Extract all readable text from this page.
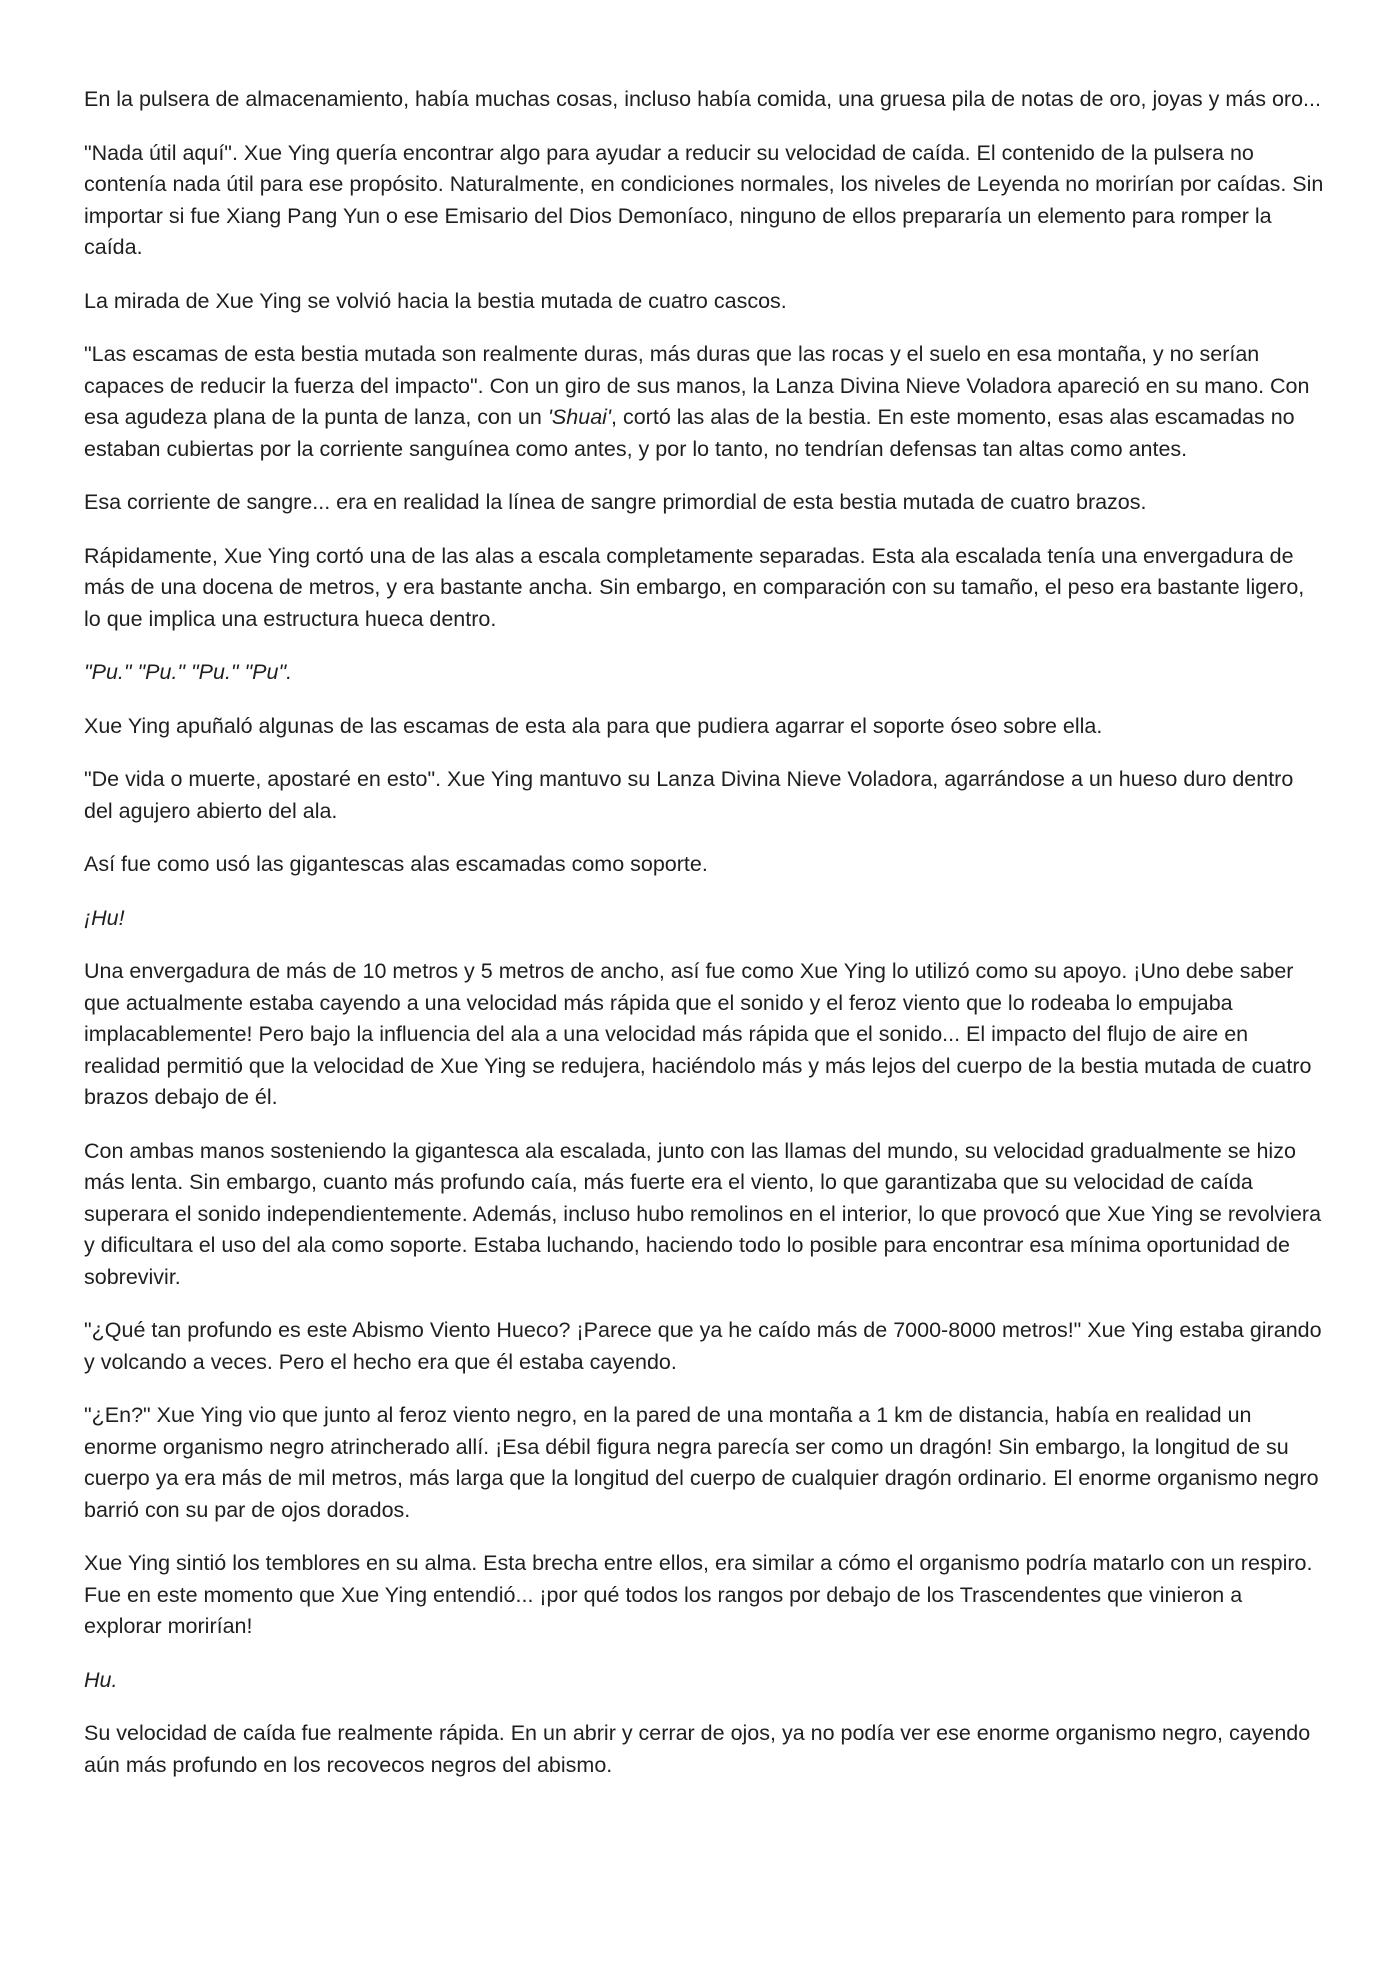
En la pulsera de almacenamiento, había muchas cosas, incluso había comida, una gruesa pila de notas de oro, joyas y más oro...

"Nada útil aquí". Xue Ying quería encontrar algo para ayudar a reducir su velocidad de caída. El contenido de la pulsera no contenía nada útil para ese propósito. Naturalmente, en condiciones normales, los niveles de Leyenda no morirían por caídas. Sin importar si fue Xiang Pang Yun o ese Emisario del Dios Demoníaco, ninguno de ellos prepararía un elemento para romper la caída.

La mirada de Xue Ying se volvió hacia la bestia mutada de cuatro cascos.

"Las escamas de esta bestia mutada son realmente duras, más duras que las rocas y el suelo en esa montaña, y no serían capaces de reducir la fuerza del impacto". Con un giro de sus manos, la Lanza Divina Nieve Voladora apareció en su mano. Con esa agudeza plana de la punta de lanza, con un 'Shuai', cortó las alas de la bestia. En este momento, esas alas escamadas no estaban cubiertas por la corriente sanguínea como antes, y por lo tanto, no tendrían defensas tan altas como antes.

Esa corriente de sangre... era en realidad la línea de sangre primordial de esta bestia mutada de cuatro brazos.

Rápidamente, Xue Ying cortó una de las alas a escala completamente separadas. Esta ala escalada tenía una envergadura de más de una docena de metros, y era bastante ancha. Sin embargo, en comparación con su tamaño, el peso era bastante ligero, lo que implica una estructura hueca dentro.

"Pu." "Pu." "Pu." "Pu".

Xue Ying apuñaló algunas de las escamas de esta ala para que pudiera agarrar el soporte óseo sobre ella.

"De vida o muerte, apostaré en esto". Xue Ying mantuvo su Lanza Divina Nieve Voladora, agarrándose a un hueso duro dentro del agujero abierto del ala.

Así fue como usó las gigantescas alas escamadas como soporte.

¡Hu!

Una envergadura de más de 10 metros y 5 metros de ancho, así fue como Xue Ying lo utilizó como su apoyo. ¡Uno debe saber que actualmente estaba cayendo a una velocidad más rápida que el sonido y el feroz viento que lo rodeaba lo empujaba implacablemente! Pero bajo la influencia del ala a una velocidad más rápida que el sonido... El impacto del flujo de aire en realidad permitió que la velocidad de Xue Ying se redujera, haciéndolo más y más lejos del cuerpo de la bestia mutada de cuatro brazos debajo de él.

Con ambas manos sosteniendo la gigantesca ala escalada, junto con las llamas del mundo, su velocidad gradualmente se hizo más lenta. Sin embargo, cuanto más profundo caía, más fuerte era el viento, lo que garantizaba que su velocidad de caída superara el sonido independientemente. Además, incluso hubo remolinos en el interior, lo que provocó que Xue Ying se revolviera y dificultara el uso del ala como soporte. Estaba luchando, haciendo todo lo posible para encontrar esa mínima oportunidad de sobrevivir.

"¿Qué tan profundo es este Abismo Viento Hueco? ¡Parece que ya he caído más de 7000-8000 metros!" Xue Ying estaba girando y volcando a veces. Pero el hecho era que él estaba cayendo.

"¿En?" Xue Ying vio que junto al feroz viento negro, en la pared de una montaña a 1 km de distancia, había en realidad un enorme organismo negro atrincherado allí. ¡Esa débil figura negra parecía ser como un dragón! Sin embargo, la longitud de su cuerpo ya era más de mil metros, más larga que la longitud del cuerpo de cualquier dragón ordinario. El enorme organismo negro barrió con su par de ojos dorados.

Xue Ying sintió los temblores en su alma. Esta brecha entre ellos, era similar a cómo el organismo podría matarlo con un respiro. Fue en este momento que Xue Ying entendió... ¡por qué todos los rangos por debajo de los Trascendentes que vinieron a explorar morirían!

Hu.

Su velocidad de caída fue realmente rápida. En un abrir y cerrar de ojos, ya no podía ver ese enorme organismo negro, cayendo aún más profundo en los recovecos negros del abismo.
